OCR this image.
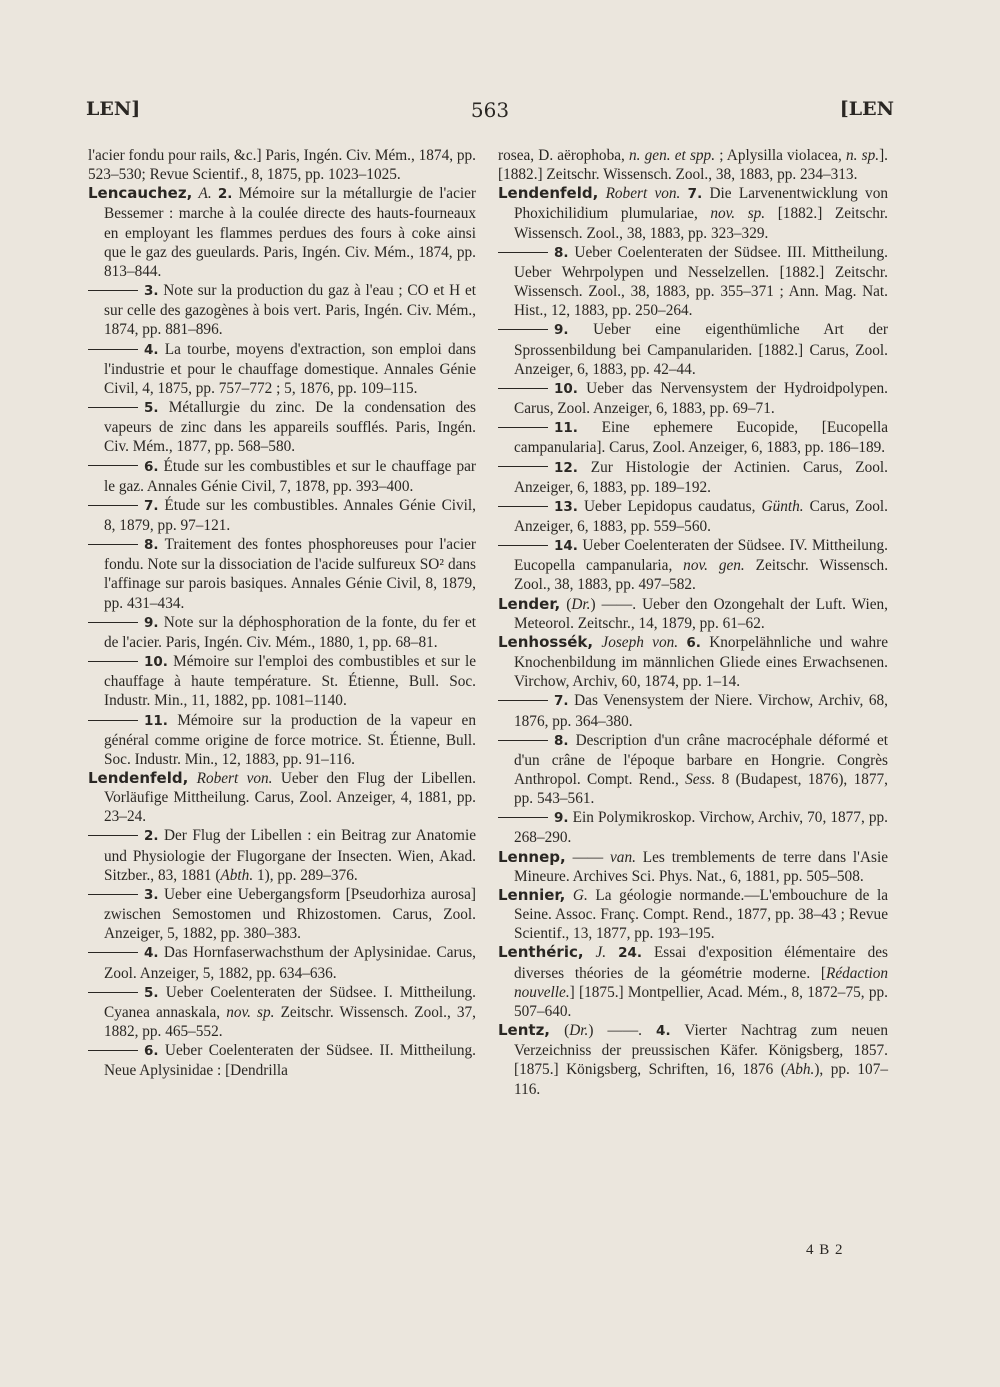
LEN]	563	[LEN

l'acier fondu pour rails, &c.] Paris, Ingén. Civ. Mém., 1874, pp. 523–530; Revue Scientif., 8, 1875, pp. 1023–1025.

Lencauchez, A. 2. Mémoire sur la métallurgie de l'acier Bessemer : marche à la coulée directe des hauts-fourneaux en employant les flammes perdues des fours à coke ainsi que le gaz des gueulards. Paris, Ingén. Civ. Mém., 1874, pp. 813–844.

3. Note sur la production du gaz à l'eau ; CO et H et sur celle des gazogènes à bois vert. Paris, Ingén. Civ. Mém., 1874, pp. 881–896.

4. La tourbe, moyens d'extraction, son emploi dans l'industrie et pour le chauffage domestique. Annales Génie Civil, 4, 1875, pp. 757–772 ; 5, 1876, pp. 109–115.

5. Métallurgie du zinc. De la condensation des vapeurs de zinc dans les appareils soufflés. Paris, Ingén. Civ. Mém., 1877, pp. 568–580.

6. Étude sur les combustibles et sur le chauffage par le gaz. Annales Génie Civil, 7, 1878, pp. 393–400.

7. Étude sur les combustibles. Annales Génie Civil, 8, 1879, pp. 97–121.

8. Traitement des fontes phosphoreuses pour l'acier fondu. Note sur la dissociation de l'acide sulfureux SO² dans l'affinage sur parois basiques. Annales Génie Civil, 8, 1879, pp. 431–434.

9. Note sur la déphosphoration de la fonte, du fer et de l'acier. Paris, Ingén. Civ. Mém., 1880, 1, pp. 68–81.

10. Mémoire sur l'emploi des combustibles et sur le chauffage à haute température. St. Étienne, Bull. Soc. Industr. Min., 11, 1882, pp. 1081–1140.

11. Mémoire sur la production de la vapeur en général comme origine de force motrice. St. Étienne, Bull. Soc. Industr. Min., 12, 1883, pp. 91–116.

Lendenfeld, Robert von. Ueber den Flug der Libellen. Vorläufige Mittheilung. Carus, Zool. Anzeiger, 4, 1881, pp. 23–24.

2. Der Flug der Libellen : ein Beitrag zur Anatomie und Physiologie der Flugorgane der Insecten. Wien, Akad. Sitzber., 83, 1881 (Abth. 1), pp. 289–376.

3. Ueber eine Uebergangsform [Pseudorhiza aurosa] zwischen Semostomen und Rhizostomen. Carus, Zool. Anzeiger, 5, 1882, pp. 380–383.

4. Das Hornfaserwachsthum der Aplysinidae. Carus, Zool. Anzeiger, 5, 1882, pp. 634–636.

5. Ueber Coelenteraten der Südsee. I. Mittheilung. Cyanea annaskala, nov. sp. Zeitschr. Wissensch. Zool., 37, 1882, pp. 465–552.

6. Ueber Coelenteraten der Südsee. II. Mittheilung. Neue Aplysinidae : [Dendrilla

rosea, D. aërophoba, n. gen. et spp. ; Aplysilla violacea, n. sp.]. [1882.] Zeitschr. Wissensch. Zool., 38, 1883, pp. 234–313.

Lendenfeld, Robert von. 7. Die Larvenentwicklung von Phoxichilidium plumulariae, nov. sp. [1882.] Zeitschr. Wissensch. Zool., 38, 1883, pp. 323–329.

8. Ueber Coelenteraten der Südsee. III. Mittheilung. Ueber Wehrpolypen und Nesselzellen. [1882.] Zeitschr. Wissensch. Zool., 38, 1883, pp. 355–371 ; Ann. Mag. Nat. Hist., 12, 1883, pp. 250–264.

9. Ueber eine eigenthümliche Art der Sprossenbildung bei Campanulariden. [1882.] Carus, Zool. Anzeiger, 6, 1883, pp. 42–44.

10. Ueber das Nervensystem der Hydroidpolypen. Carus, Zool. Anzeiger, 6, 1883, pp. 69–71.

11. Eine ephemere Eucopide, [Eucopella campanularia]. Carus, Zool. Anzeiger, 6, 1883, pp. 186–189.

12. Zur Histologie der Actinien. Carus, Zool. Anzeiger, 6, 1883, pp. 189–192.

13. Ueber Lepidopus caudatus, Günth. Carus, Zool. Anzeiger, 6, 1883, pp. 559–560.

14. Ueber Coelenteraten der Südsee. IV. Mittheilung. Eucopella campanularia, nov. gen. Zeitschr. Wissensch. Zool., 38, 1883, pp. 497–582.

Lender, (Dr.) ——. Ueber den Ozongehalt der Luft. Wien, Meteorol. Zeitschr., 14, 1879, pp. 61–62.

Lenhossék, Joseph von. 6. Knorpelähnliche und wahre Knochenbildung im männlichen Gliede eines Erwachsenen. Virchow, Archiv, 60, 1874, pp. 1–14.

7. Das Venensystem der Niere. Virchow, Archiv, 68, 1876, pp. 364–380.

8. Description d'un crâne macrocéphale déformé et d'un crâne de l'époque barbare en Hongrie. Congrès Anthropol. Compt. Rend., Sess. 8 (Budapest, 1876), 1877, pp. 543–561.

9. Ein Polymikroskop. Virchow, Archiv, 70, 1877, pp. 268–290.

Lennep, —— van. Les tremblements de terre dans l'Asie Mineure. Archives Sci. Phys. Nat., 6, 1881, pp. 505–508.

Lennier, G. La géologie normande.—L'embouchure de la Seine. Assoc. Franç. Compt. Rend., 1877, pp. 38–43 ; Revue Scientif., 13, 1877, pp. 193–195.

Lenthéric, J. 24. Essai d'exposition élémentaire des diverses théories de la géométrie moderne. [Rédaction nouvelle.] [1875.] Montpellier, Acad. Mém., 8, 1872–75, pp. 507–640.

Lentz, (Dr.) ——. 4. Vierter Nachtrag zum neuen Verzeichniss der preussischen Käfer. Königsberg, 1857. [1875.] Königsberg, Schriften, 16, 1876 (Abh.), pp. 107–116.

4 B 2
